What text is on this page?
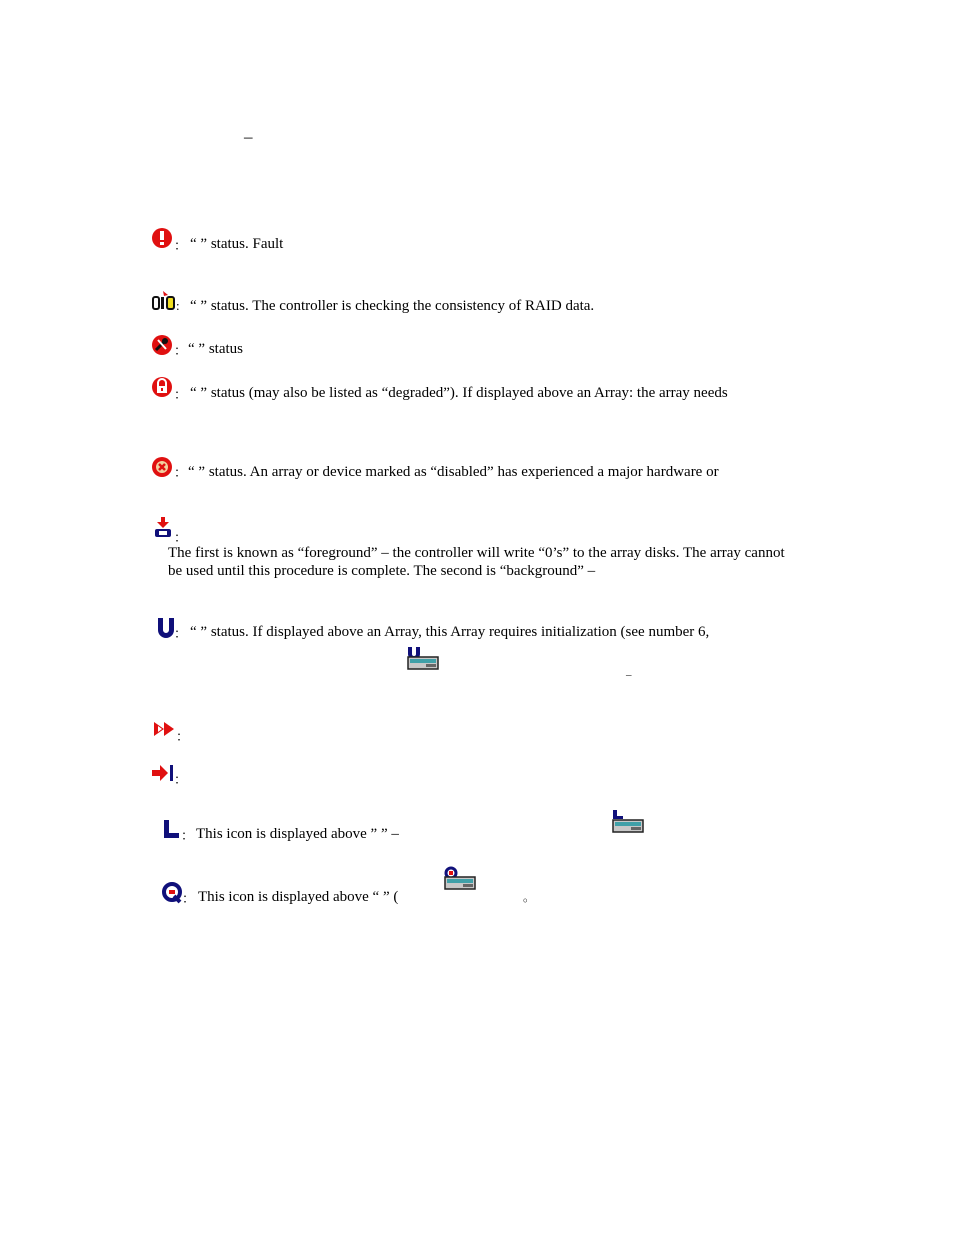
–
： “ ” status. Fault
: “ ” status. The controller is checking the consistency of RAID data.
： “ ” status
： “ ” status (may also be listed as “degraded”). If displayed above an Array: the array needs
： “ ” status. An array or device marked as “disabled” has experienced a major hardware or
：
The first is known as “foreground” – the controller will write “0’s” to the array disks. The array cannot
be used until this procedure is complete. The second is “background” –
： “ ” status. If displayed above an Array, this Array requires initialization (see number 6,
–
：
：
： This icon is displayed above ” ” –
： This icon is displayed above “ ” (	。
